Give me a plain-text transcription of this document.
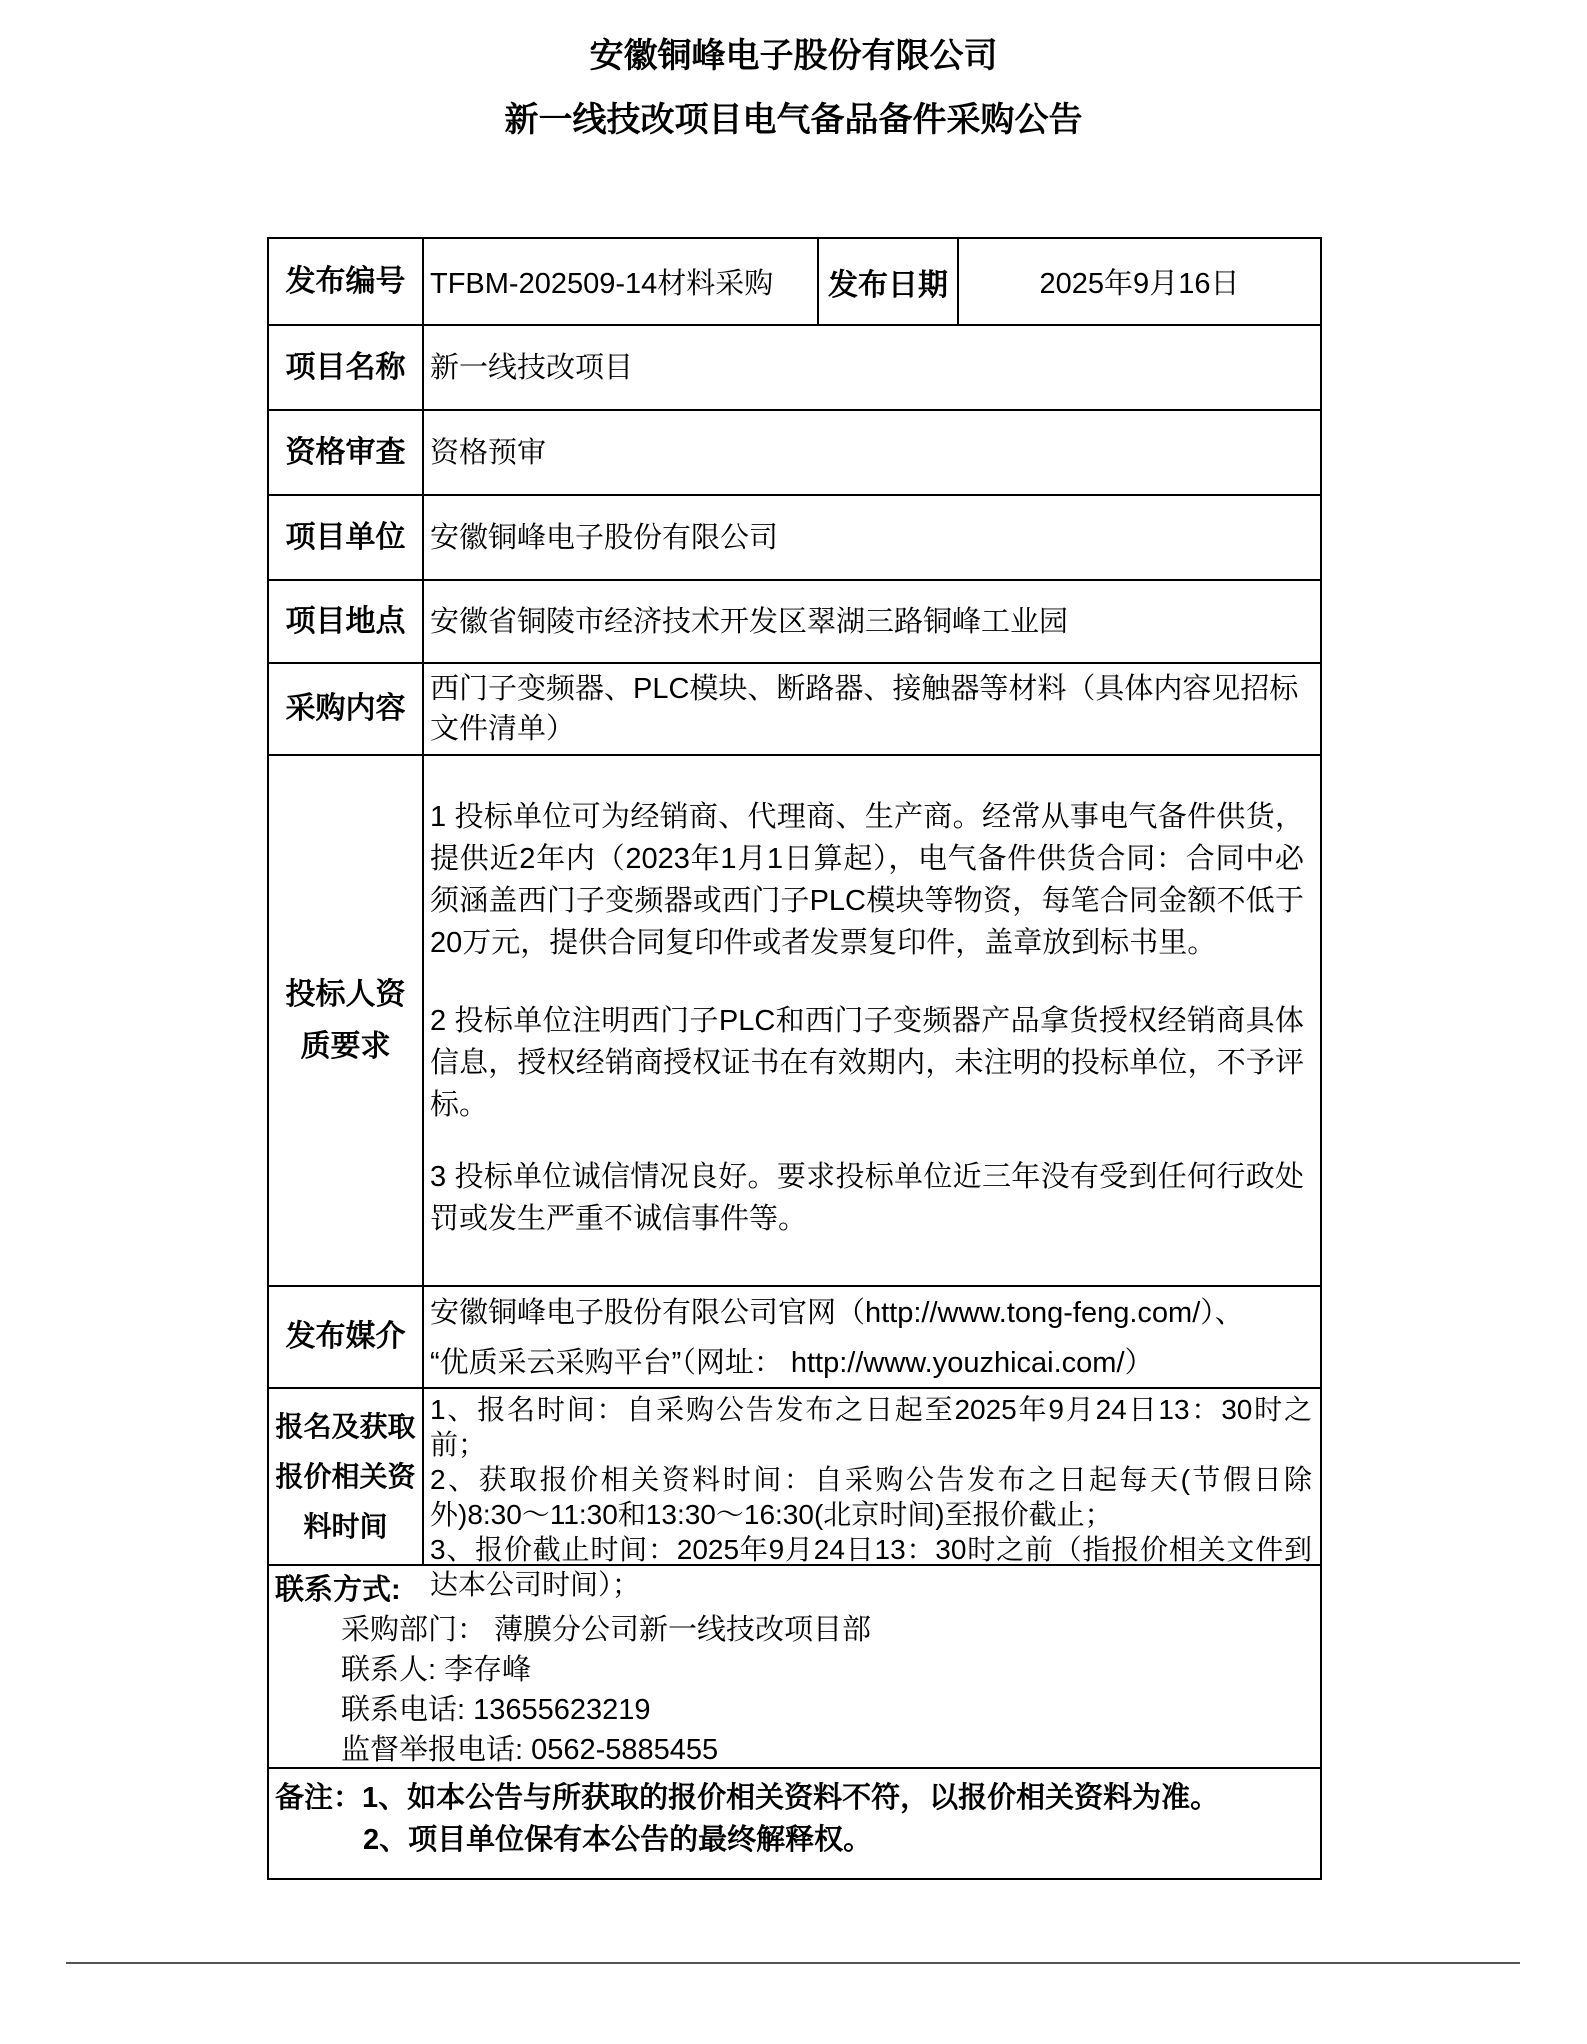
安徽铜峰电子股份有限公司
新一线技改项目电气备品备件采购公告
发布编号 TFBM-202509-14材料采购	发布日期	2025年9月16日
项目名称 新一线技改项目
资格审查 资格预审
项目单位 安徽铜峰电子股份有限公司
项目地点 安徽省铜陵市经济技术开发区翠湖三路铜峰工业园
采购内容
西门子变频器、PLC模块、断路器、接触器等材料（具体内容见招标文件清单）
投标人资质要求

1 投标单位可为经销商、代理商、生产商。经常从事电气备件供货，提供近2年内（2023年1月1日算起），电气备件供货合同：合同中必须涵盖西门子变频器或西门子PLC模块等物资，每笔合同金额不低于20万元，提供合同复印件或者发票复印件，盖章放到标书里。

2 投标单位注明西门子PLC和西门子变频器产品拿货授权经销商具体信息，授权经销商授权证书在有效期内，未注明的投标单位，不予评标。

3 投标单位诚信情况良好。要求投标单位近三年没有受到任何行政处罚或发生严重不诚信事件等。

发布媒介
安徽铜峰电子股份有限公司官网（http://www.tong-feng.com/）、
“优质采云采购平台”（网址： http://www.youzhicai.com/）
报名及获取报价相关资料时间
1、报名时间：自采购公告发布之日起至2025年9月24日13：30时之前；
2、获取报价相关资料时间：自采购公告发布之日起每天(节假日除外)8:30～11:30和13:30～16:30(北京时间)至报价截止；
3、报价截止时间：2025年9月24日13：30时之前（指报价相关文件到达本公司时间）；
联系方式:
采购部门： 薄膜分公司新一线技改项目部
联系人: 李存峰
联系电话: 13655623219
监督举报电话: 0562-5885455
备注：1、如本公告与所获取的报价相关资料不符，以报价相关资料为准。
2、项目单位保有本公告的最终解释权。
